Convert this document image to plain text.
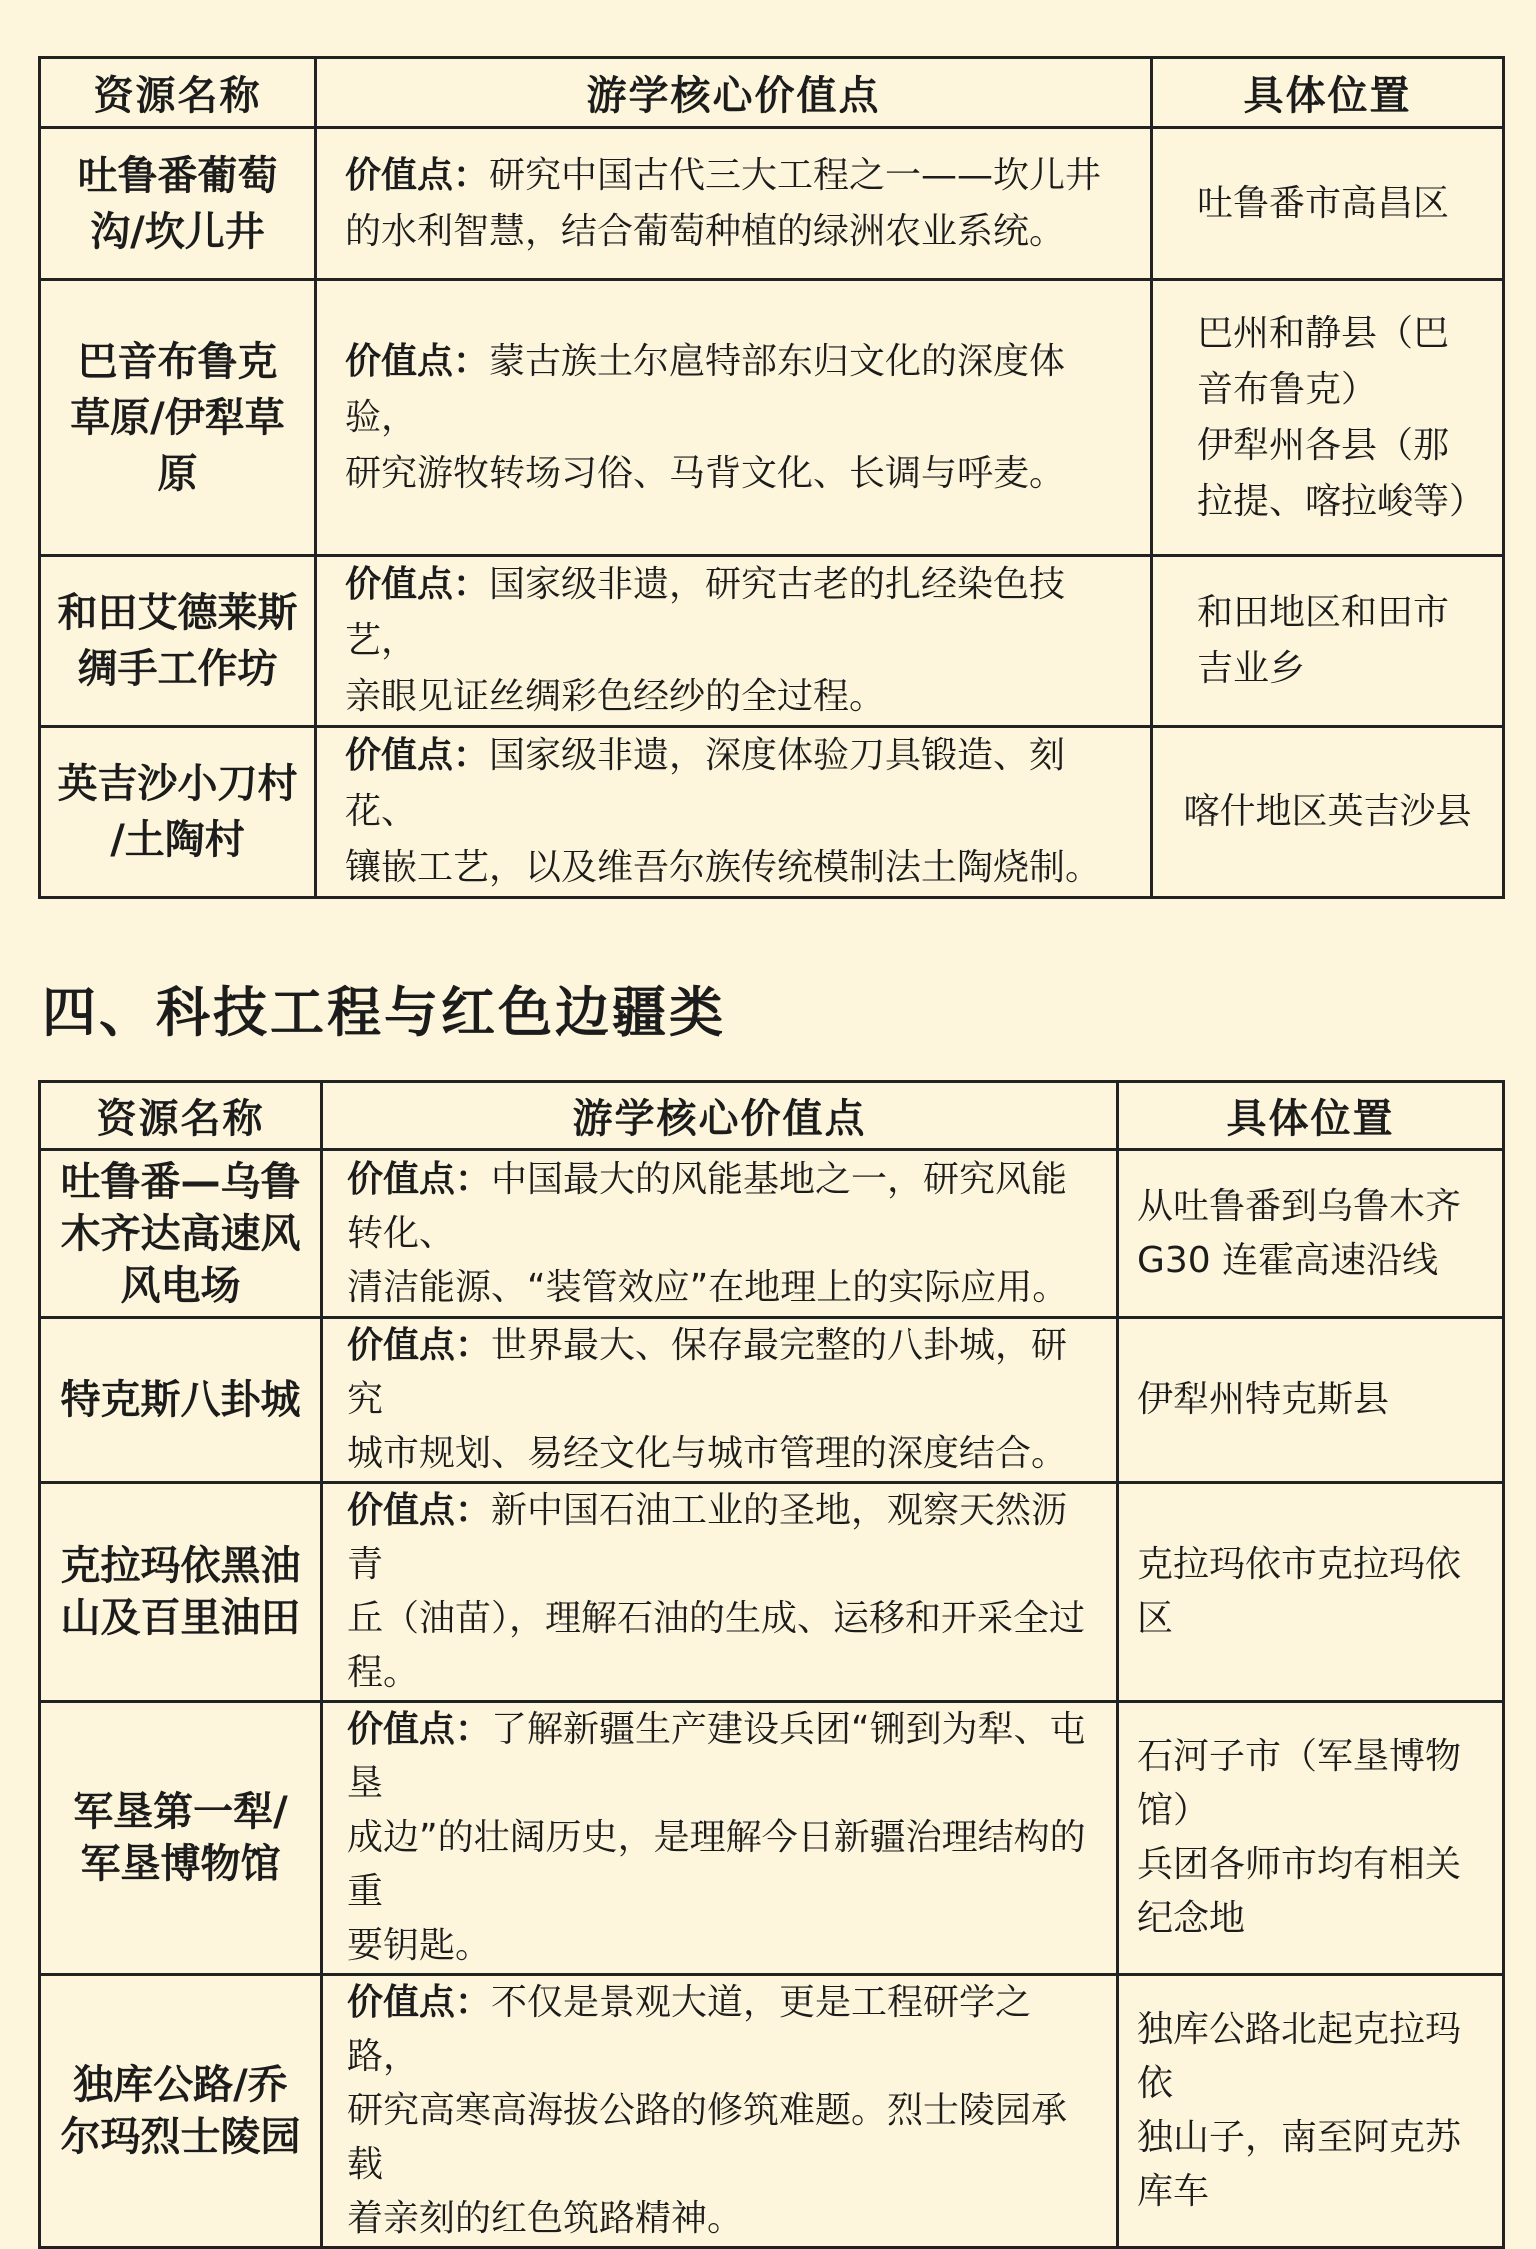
资源名称	游学核心价值点	具体位置

吐鲁番葡萄
沟/坎儿井	价值点：研究中国古代三大工程之一——坎儿井
的水利智慧，结合葡萄种植的绿洲农业系统。	吐鲁番市高昌区

巴音布鲁克
草原/伊犁草原	价值点：蒙古族土尔扈特部东归文化的深度体验，
研究游牧转场习俗、马背文化、长调与呼麦。	巴州和静县（巴
音布鲁克）
伊犁州各县（那
拉提、喀拉峻等）

和田艾德莱斯
绸手工作坊	价值点：国家级非遗，研究古老的扎经染色技艺，
亲眼见证丝绸彩色经纱的全过程。	和田地区和田市
吉业乡

英吉沙小刀村
/土陶村	价值点：国家级非遗，深度体验刀具锻造、刻花、
镶嵌工艺，以及维吾尔族传统模制法土陶烧制。	喀什地区英吉沙县
四、科技工程与红色边疆类
资源名称	游学核心价值点	具体位置

吐鲁番—乌鲁
木齐达高速风
风电场	价值点：中国最大的风能基地之一，研究风能转化、
清洁能源、“装管效应”在地理上的实际应用。	从吐鲁番到乌鲁木齐
G30 连霍高速沿线

特克斯八卦城	价值点：世界最大、保存最完整的八卦城，研究
城市规划、易经文化与城市管理的深度结合。	伊犁州特克斯县

克拉玛依黑油
山及百里油田	价值点：新中国石油工业的圣地，观察天然沥青
丘（油苗），理解石油的生成、运移和开采全过程。	克拉玛依市克拉玛依区

军垦第一犁/
军垦博物馆	价值点：了解新疆生产建设兵团“铏到为犁、屯垦
成边”的壮阔历史，是理解今日新疆治理结构的重
要钥匙。	石河子市（军垦博物馆）
兵团各师市均有相关
纪念地

独库公路/乔
尔玛烈士陵园	价值点：不仅是景观大道，更是工程研学之路，
研究高寒高海拔公路的修筑难题。烈士陵园承载
着亲刻的红色筑路精神。	独库公路北起克拉玛依
独山子，南至阿克苏
库车
